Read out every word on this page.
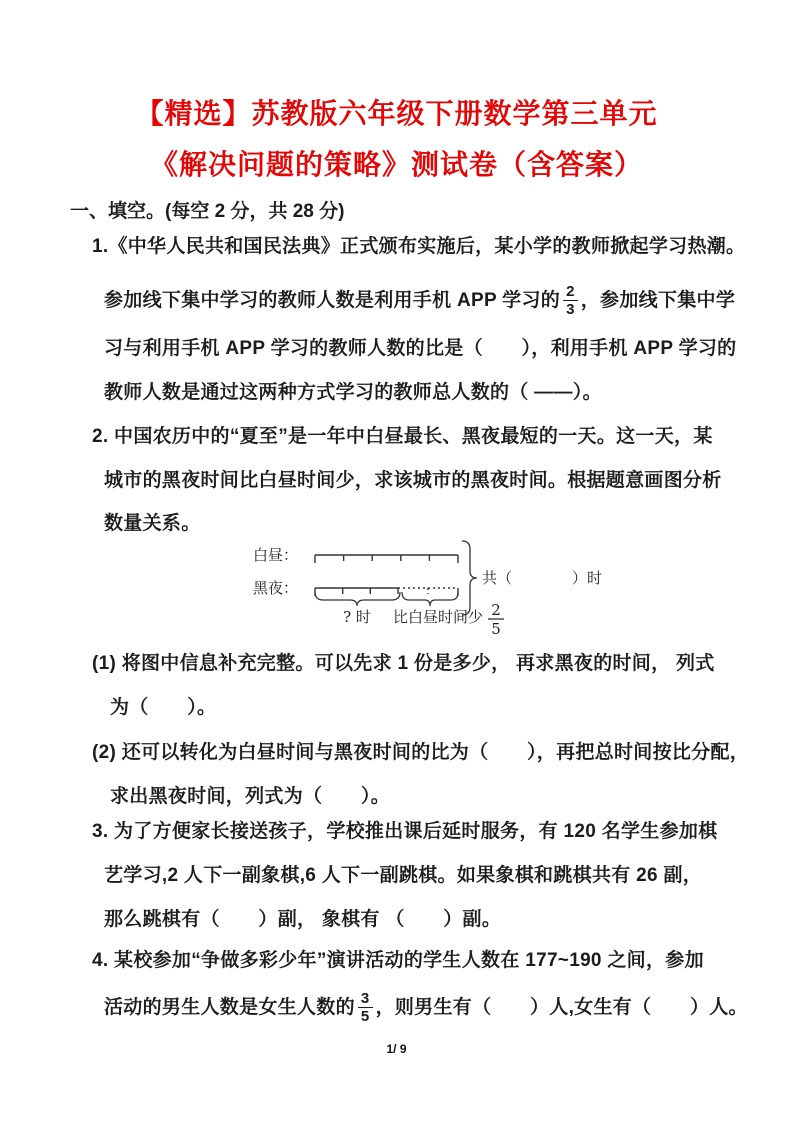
【精选】苏教版六年级下册数学第三单元
《解决问题的策略》测试卷（含答案）
一、填空。(每空 2 分，共 28 分)
1.《中华人民共和国民法典》正式颁布实施后，某小学的教师掀起学习热潮。
参加线下集中学习的教师人数是利用手机 APP 学习的 $\frac{2}{3}$ ，参加线下集中学
习与利用手机 APP 学习的教师人数的比是（　　），利用手机 APP 学习的
教师人数是通过这两种方式学习的教师总人数的（ ——）。
2. 中国农历中的“夏至”是一年中白昼最长、黑夜最短的一天。这一天，某
城市的黑夜时间比白昼时间少，求该城市的黑夜时间。根据题意画图分析
数量关系。
白昼：
黑夜：
共（　　　　）时
? 时 比白昼时间少 2
5
(1) 将图中信息补充完整。可以先求 1 份是多少， 再求黑夜的时间， 列式
为（　　）。
(2) 还可以转化为白昼时间与黑夜时间的比为（　　），再把总时间按比分配，
求出黑夜时间，列式为（　　）。
3. 为了方便家长接送孩子，学校推出课后延时服务，有 120 名学生参加棋
艺学习,2 人下一副象棋,6 人下一副跳棋。如果象棋和跳棋共有 26 副，
那么跳棋有（　　）副， 象棋有 （　　）副。
4. 某校参加“争做多彩少年”演讲活动的学生人数在 177~190 之间，参加
活动的男生人数是女生人数的 $\frac{3}{5}$ ，则男生有（　　）人,女生有（　　）人。
1/ 9
